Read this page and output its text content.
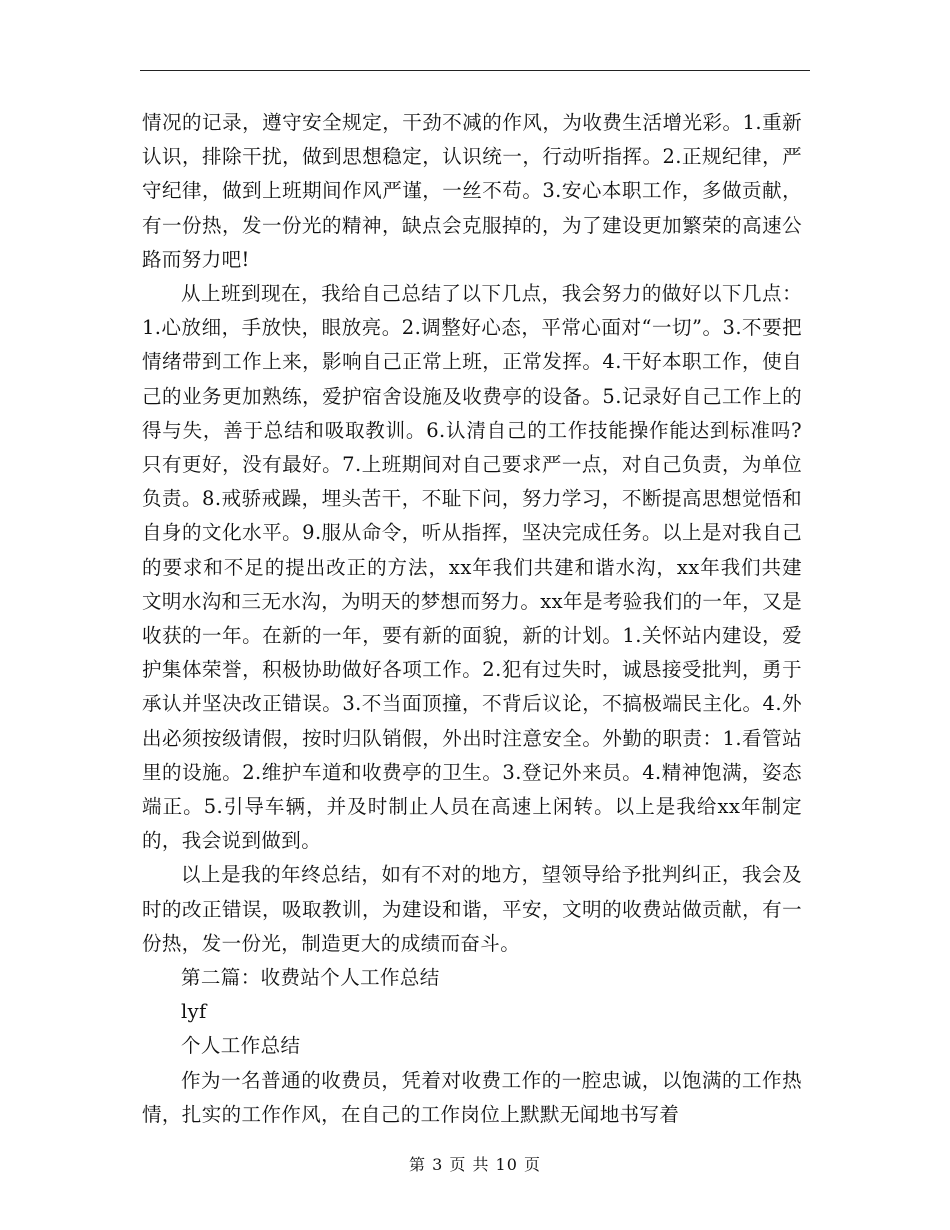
情况的记录，遵守安全规定，干劲不减的作风，为收费生活增光彩。1.重新认识，排除干扰，做到思想稳定，认识统一，行动听指挥。2.正规纪律，严守纪律，做到上班期间作风严谨，一丝不苟。3.安心本职工作，多做贡献，有一份热，发一份光的精神，缺点会克服掉的，为了建设更加繁荣的高速公路而努力吧!

从上班到现在，我给自己总结了以下几点，我会努力的做好以下几点：1.心放细，手放快，眼放亮。2.调整好心态，平常心面对“一切”。3.不要把情绪带到工作上来，影响自己正常上班，正常发挥。4.干好本职工作，使自己的业务更加熟练，爱护宿舍设施及收费亭的设备。5.记录好自己工作上的得与失，善于总结和吸取教训。6.认清自己的工作技能操作能达到标准吗?只有更好，没有最好。7.上班期间对自己要求严一点，对自己负责，为单位负责。8.戒骄戒躁，埋头苦干，不耻下问，努力学习，不断提高思想觉悟和自身的文化水平。9.服从命令，听从指挥，坚决完成任务。以上是对我自己的要求和不足的提出改正的方法，xx年我们共建和谐水沟，xx年我们共建文明水沟和三无水沟，为明天的梦想而努力。xx年是考验我们的一年，又是收获的一年。在新的一年，要有新的面貌，新的计划。1.关怀站内建设，爱护集体荣誉，积极协助做好各项工作。2.犯有过失时，诚恳接受批判，勇于承认并坚决改正错误。3.不当面顶撞，不背后议论，不搞极端民主化。4.外出必须按级请假，按时归队销假，外出时注意安全。外勤的职责：1.看管站里的设施。2.维护车道和收费亭的卫生。3.登记外来员。4.精神饱满，姿态端正。5.引导车辆，并及时制止人员在高速上闲转。以上是我给xx年制定的，我会说到做到。

以上是我的年终总结，如有不对的地方，望领导给予批判纠正，我会及时的改正错误，吸取教训，为建设和谐，平安，文明的收费站做贡献，有一份热，发一份光，制造更大的成绩而奋斗。

第二篇：收费站个人工作总结

lyf

个人工作总结

作为一名普通的收费员，凭着对收费工作的一腔忠诚，以饱满的工作热情，扎实的工作作风，在自己的工作岗位上默默无闻地书写着

第 3 页 共 10 页
